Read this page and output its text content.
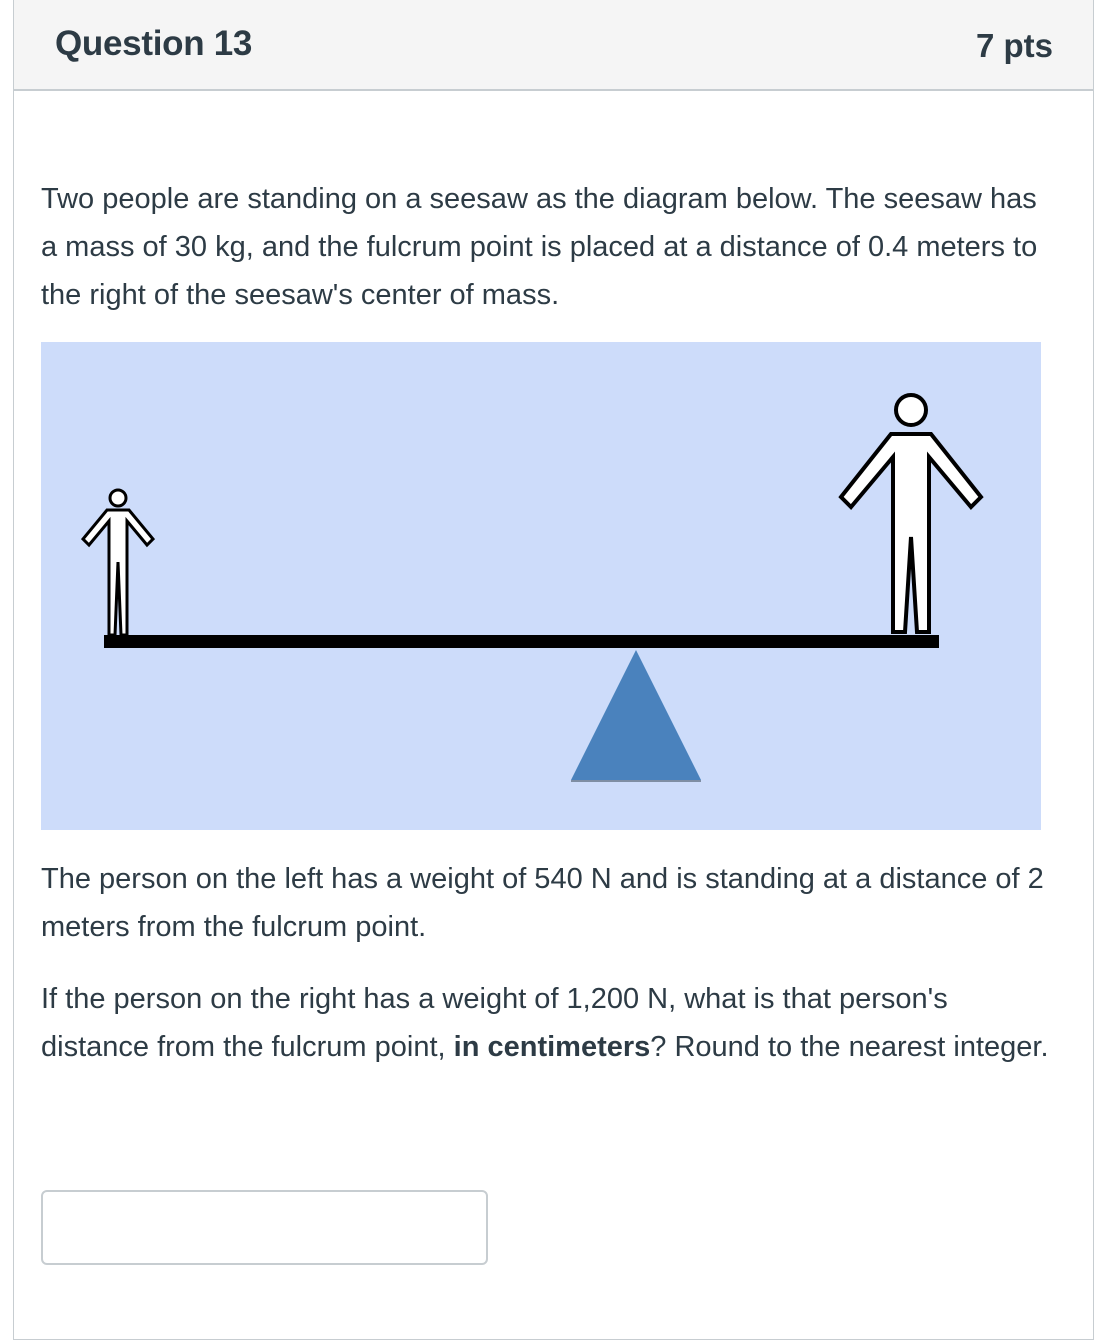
Question 13	7 pts

Two people are standing on a seesaw as the diagram below. The seesaw has a mass of 30 kg, and the fulcrum point is placed at a distance of 0.4 meters to the right of the seesaw's center of mass.

The person on the left has a weight of 540 N and is standing at a distance of 2 meters from the fulcrum point.

If the person on the right has a weight of 1,200 N, what is that person's distance from the fulcrum point, in centimeters? Round to the nearest integer.
